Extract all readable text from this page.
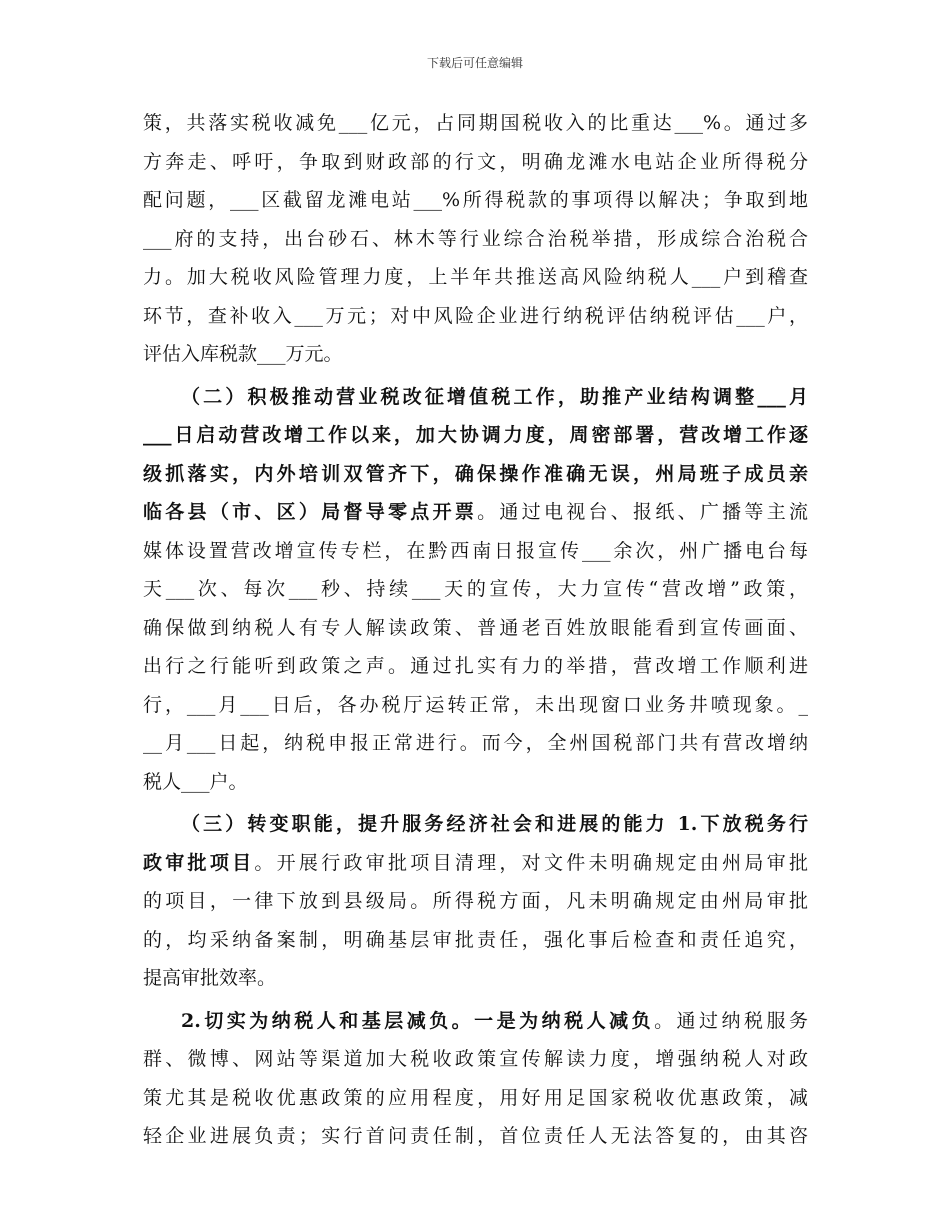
下载后可任意编辑
策，共落实税收减免___亿元，占同期国税收入的比重达___%。通过多
方奔走、呼吁，争取到财政部的行文，明确龙滩水电站企业所得税分
配问题，___区截留龙滩电站___%所得税款的事项得以解决；争取到地
___府的支持，出台砂石、林木等行业综合治税举措，形成综合治税合
力。加大税收风险管理力度，上半年共推送高风险纳税人___户到稽查
环节，查补收入___万元；对中风险企业进行纳税评估纳税评估___户，
评估入库税款___万元。
（二）积极推动营业税改征增值税工作，助推产业结构调整___月
___日启动营改增工作以来，加大协调力度，周密部署，营改增工作逐
级抓落实，内外培训双管齐下，确保操作准确无误，州局班子成员亲
临各县（市、区）局督导零点开票。通过电视台、报纸、广播等主流
媒体设置营改增宣传专栏，在黔西南日报宣传___余次，州广播电台每
天___次、每次___秒、持续___天的宣传，大力宣传“营改增”政策，
确保做到纳税人有专人解读政策、普通老百姓放眼能看到宣传画面、
出行之行能听到政策之声。通过扎实有力的举措，营改增工作顺利进
行，___月___日后，各办税厅运转正常，未出现窗口业务井喷现象。_
__月___日起，纳税申报正常进行。而今，全州国税部门共有营改增纳
税人___户。
（三）转变职能，提升服务经济社会和进展的能力 1.下放税务行
政审批项目。开展行政审批项目清理，对文件未明确规定由州局审批
的项目，一律下放到县级局。所得税方面，凡未明确规定由州局审批
的，均采纳备案制，明确基层审批责任，强化事后检查和责任追究，
提高审批效率。
2.切实为纳税人和基层减负。一是为纳税人减负。通过纳税服务
群、微博、网站等渠道加大税收政策宣传解读力度，增强纳税人对政
策尤其是税收优惠政策的应用程度，用好用足国家税收优惠政策，减
轻企业进展负责；实行首问责任制，首位责任人无法答复的，由其咨
